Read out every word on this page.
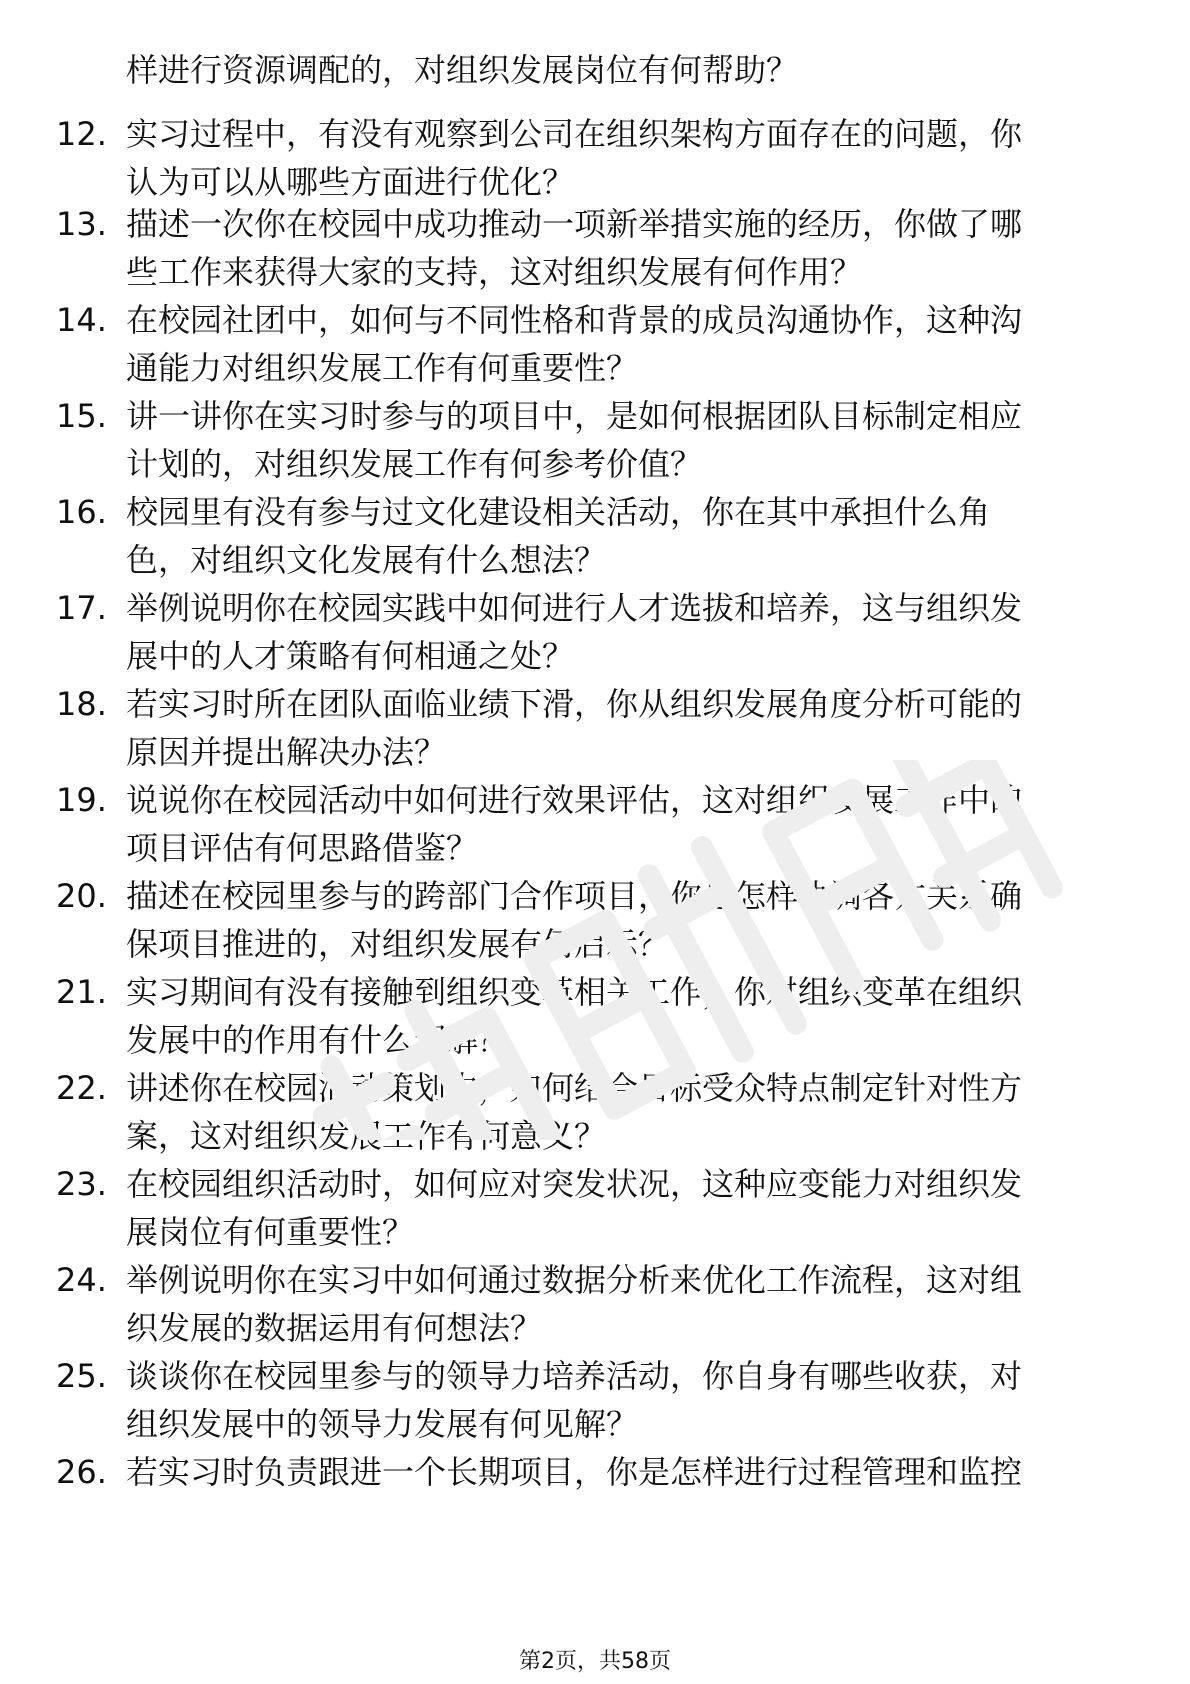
样进行资源调配的，对组织发展岗位有何帮助？
12. 实习过程中，有没有观察到公司在组织架构方面存在的问题，你
认为可以从哪些方面进行优化？
13. 描述一次你在校园中成功推动一项新举措实施的经历，你做了哪
些工作来获得大家的支持，这对组织发展有何作用？
14. 在校园社团中，如何与不同性格和背景的成员沟通协作，这种沟
通能力对组织发展工作有何重要性？
15. 讲一讲你在实习时参与的项目中，是如何根据团队目标制定相应
计划的，对组织发展工作有何参考价值？
16. 校园里有没有参与过文化建设相关活动，你在其中承担什么角
色，对组织文化发展有什么想法？
17. 举例说明你在校园实践中如何进行人才选拔和培养，这与组织发
展中的人才策略有何相通之处？
18. 若实习时所在团队面临业绩下滑，你从组织发展角度分析可能的
原因并提出解决办法？
19. 说说你在校园活动中如何进行效果评估，这对组织发展工作中的
项目评估有何思路借鉴？
20. 描述在校园里参与的跨部门合作项目，你是怎样协调各方关系确
保项目推进的，对组织发展有何启示？
21. 实习期间有没有接触到组织变革相关工作，你对组织变革在组织
发展中的作用有什么理解？
22. 讲述你在校园活动策划中，如何结合目标受众特点制定针对性方
案，这对组织发展工作有何意义？
23. 在校园组织活动时，如何应对突发状况，这种应变能力对组织发
展岗位有何重要性？
24. 举例说明你在实习中如何通过数据分析来优化工作流程，这对组
织发展的数据运用有何想法？
25. 谈谈你在校园里参与的领导力培养活动，你自身有哪些收获，对
组织发展中的领导力发展有何见解？
26. 若实习时负责跟进一个长期项目，你是怎样进行过程管理和监控
第2页，共58页
